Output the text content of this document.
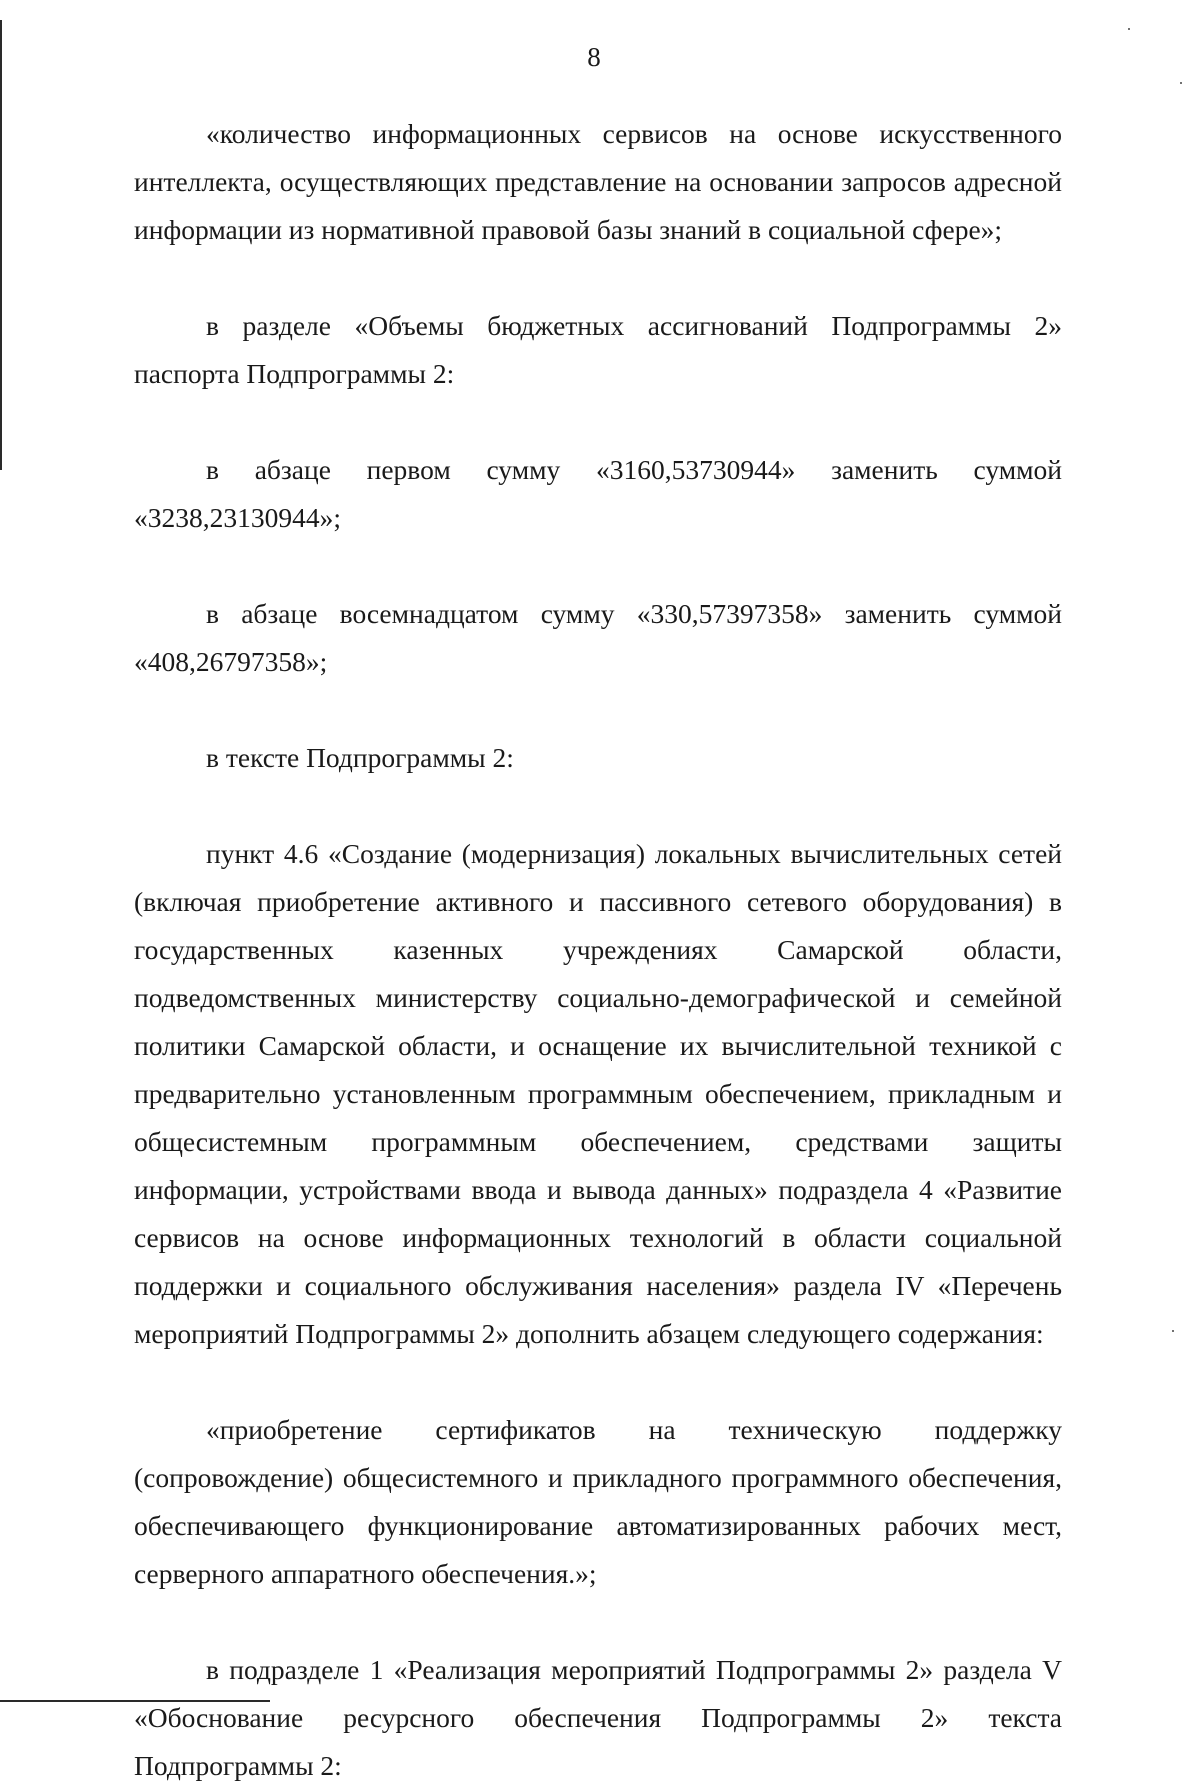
8

«количество информационных сервисов на основе искусственного интеллекта, осуществляющих представление на основании запросов адресной информации из нормативной правовой базы знаний в социальной сфере»;

в разделе «Объемы бюджетных ассигнований Подпрограммы 2» паспорта Подпрограммы 2:

в абзаце первом сумму «3160,53730944» заменить суммой «3238,23130944»;

в абзаце восемнадцатом сумму «330,57397358» заменить суммой «408,26797358»;

в тексте Подпрограммы 2:

пункт 4.6 «Создание (модернизация) локальных вычислительных сетей (включая приобретение активного и пассивного сетевого оборудования) в государственных казенных учреждениях Самарской области, подведомственных министерству социально-демографической и семейной политики Самарской области, и оснащение их вычислительной техникой с предварительно установленным программным обеспечением, прикладным и общесистемным программным обеспечением, средствами защиты информации, устройствами ввода и вывода данных» подраздела 4 «Развитие сервисов на основе информационных технологий в области социальной поддержки и социального обслуживания населения» раздела IV «Перечень мероприятий Подпрограммы 2» дополнить абзацем следующего содержания:

«приобретение сертификатов на техническую поддержку (сопровождение) общесистемного и прикладного программного обеспечения, обеспечивающего функционирование автоматизированных рабочих мест, серверного аппаратного обеспечения.»;

в подразделе 1 «Реализация мероприятий Подпрограммы 2» раздела V «Обоснование ресурсного обеспечения Подпрограммы 2» текста Подпрограммы 2:
